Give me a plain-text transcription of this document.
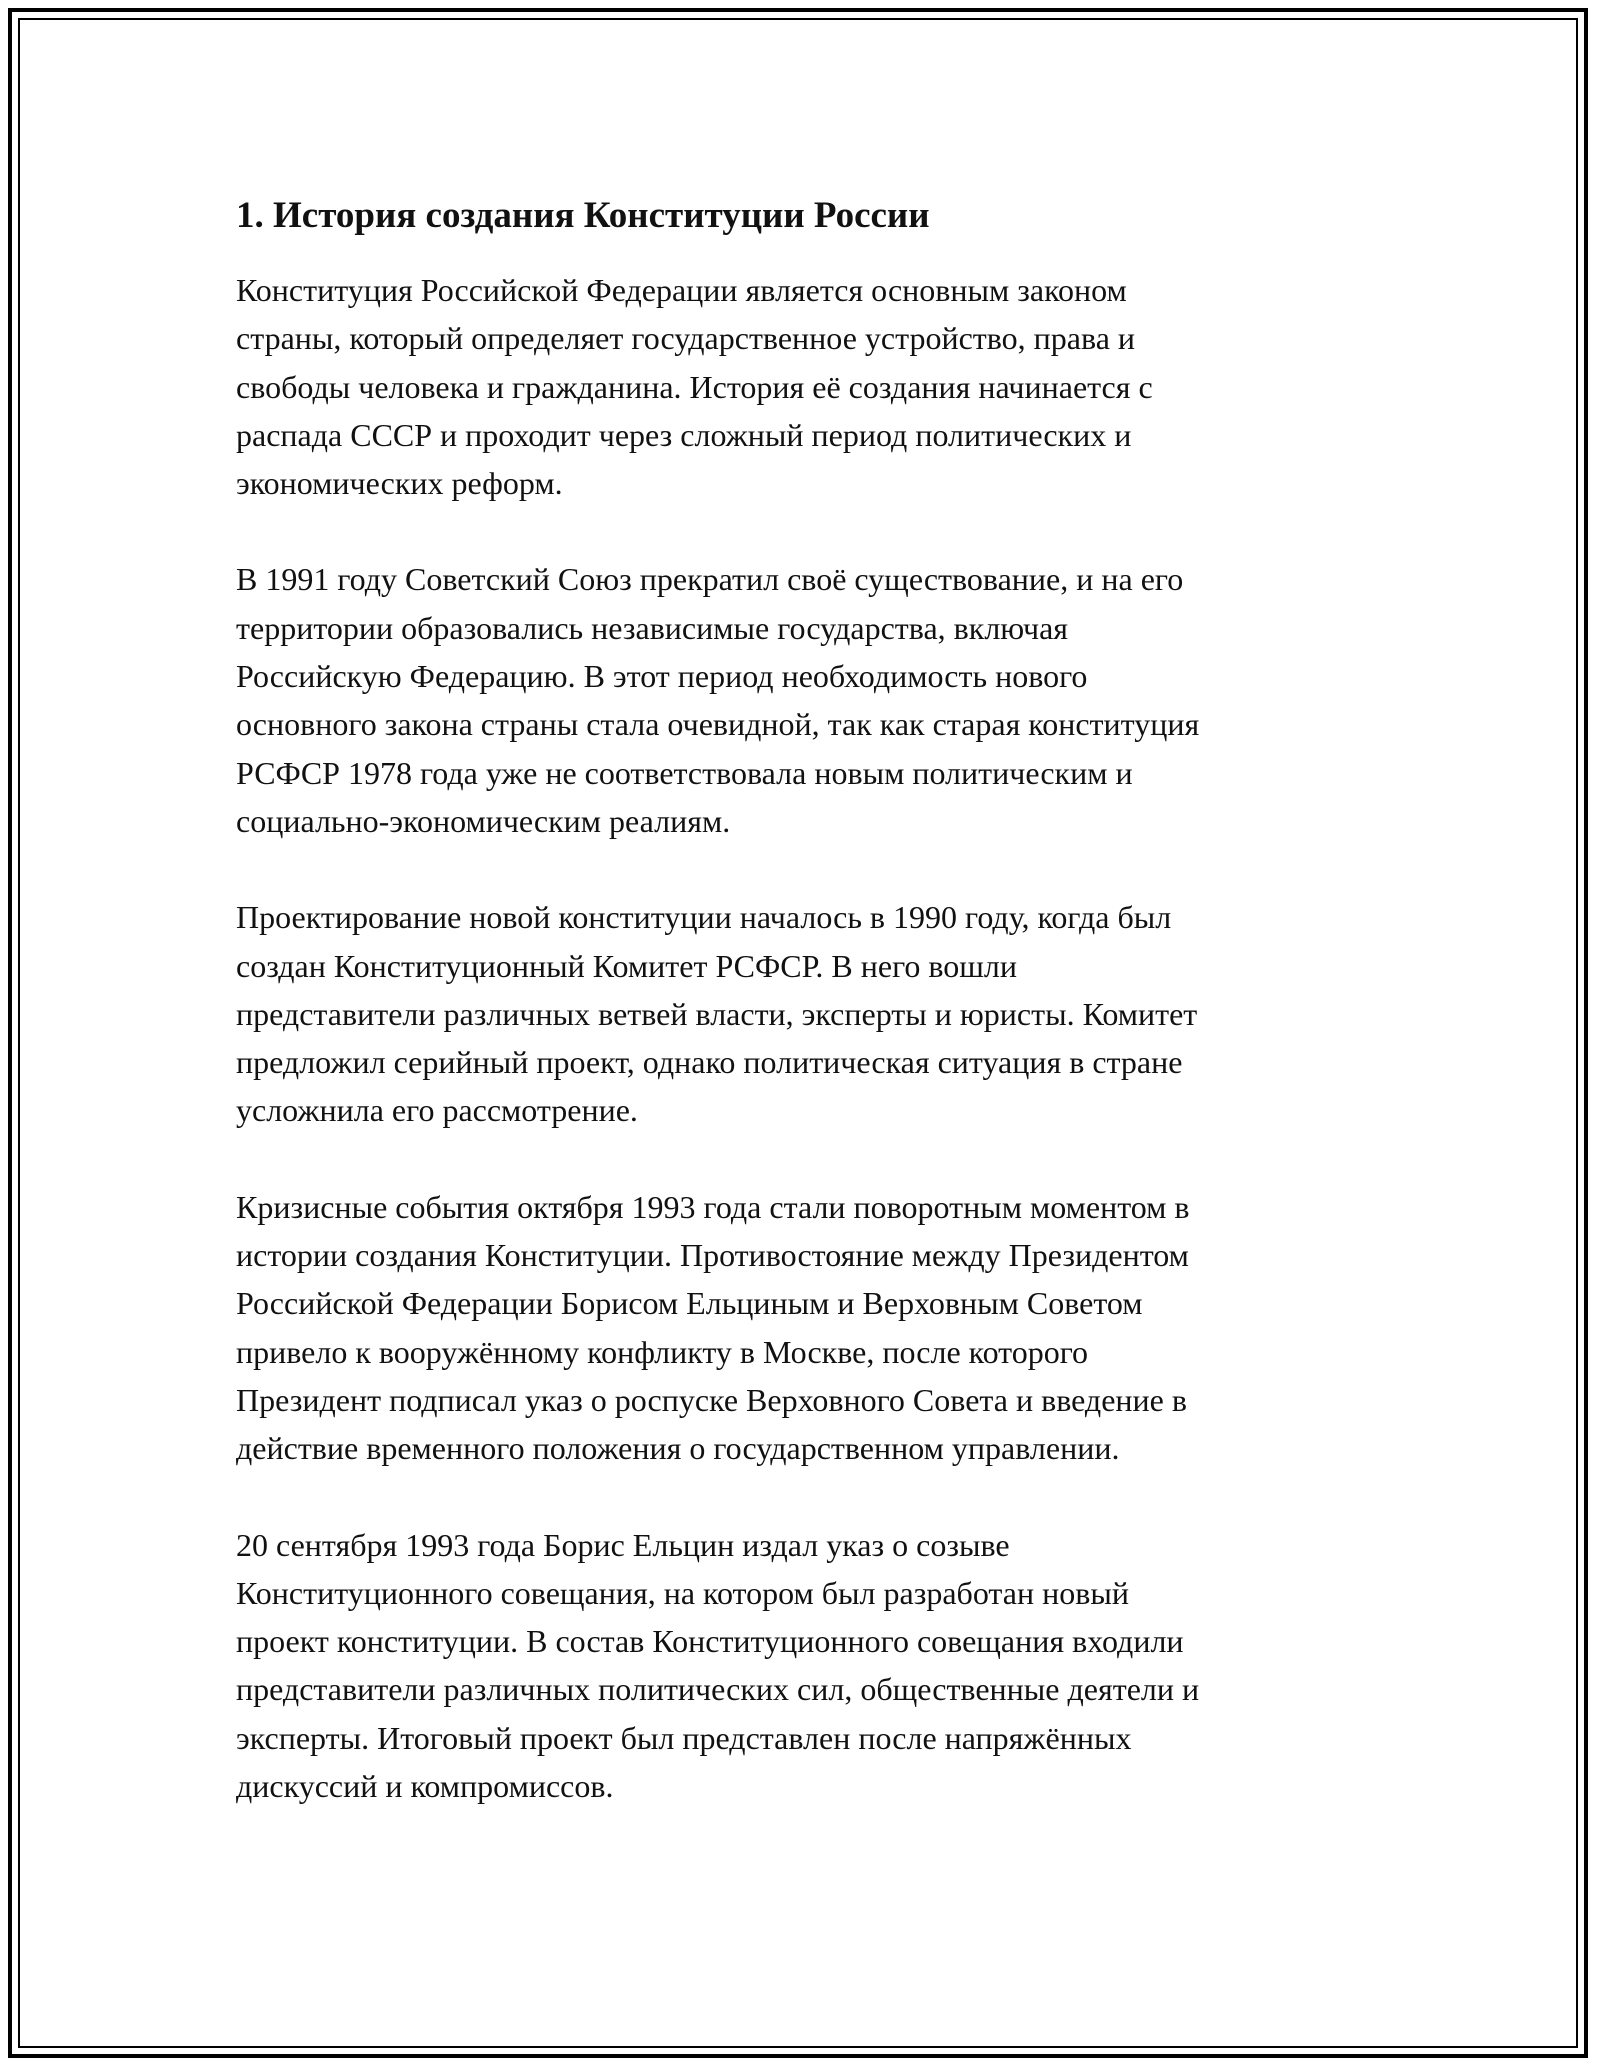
1. История создания Конституции России

Конституция Российской Федерации является основным законом
страны, который определяет государственное устройство, права и
свободы человека и гражданина. История её создания начинается с
распада СССР и проходит через сложный период политических и
экономических реформ.

В 1991 году Советский Союз прекратил своё существование, и на его
территории образовались независимые государства, включая
Российскую Федерацию. В этот период необходимость нового
основного закона страны стала очевидной, так как старая конституция
РСФСР 1978 года уже не соответствовала новым политическим и
социально-экономическим реалиям.

Проектирование новой конституции началось в 1990 году, когда был
создан Конституционный Комитет РСФСР. В него вошли
представители различных ветвей власти, эксперты и юристы. Комитет
предложил серийный проект, однако политическая ситуация в стране
усложнила его рассмотрение.

Кризисные события октября 1993 года стали поворотным моментом в
истории создания Конституции. Противостояние между Президентом
Российской Федерации Борисом Ельциным и Верховным Советом
привело к вооружённому конфликту в Москве, после которого
Президент подписал указ о роспуске Верховного Совета и введение в
действие временного положения о государственном управлении.

20 сентября 1993 года Борис Ельцин издал указ о созыве
Конституционного совещания, на котором был разработан новый
проект конституции. В состав Конституционного совещания входили
представители различных политических сил, общественные деятели и
эксперты. Итоговый проект был представлен после напряжённых
дискуссий и компромиссов.
